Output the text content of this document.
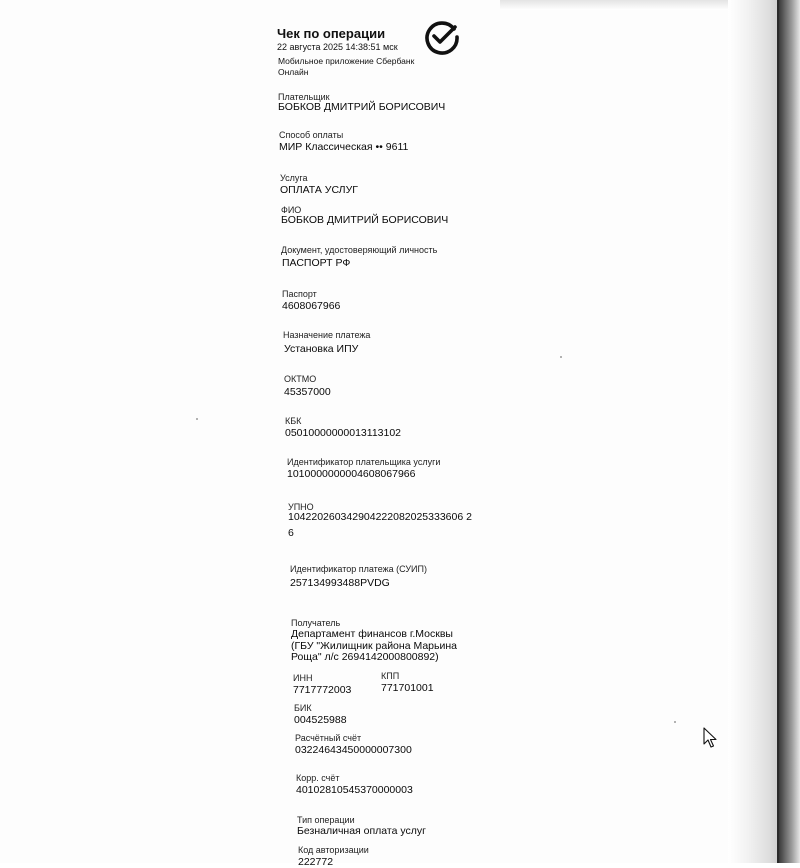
Чек по операции
22 августа 2025 14:38:51 мск
Мобильное приложение Сбербанк Онлайн
Плательщик
БОБКОВ ДМИТРИЙ БОРИСОВИЧ
Способ оплаты
МИР Классическая •• 9611
Услуга
ОПЛАТА УСЛУГ
ФИО
БОБКОВ ДМИТРИЙ БОРИСОВИЧ
Документ, удостоверяющий личность
ПАСПОРТ РФ
Паспорт
4608067966
Назначение платежа
Установка ИПУ
ОКТМО
45357000
КБК
05010000000013113102
Идентификатор плательщика услуги
1010000000004608067966
УПНО
104220260342904222082025333606 2
6
Идентификатор платежа (СУИП)
257134993488PVDG
Получатель
Департамент финансов г.Москвы
(ГБУ "Жилищник района Марьина
Роща" л/с 2694142000800892)
ИНН
7717772003
КПП
771701001
БИК
004525988
Расчётный счёт
03224643450000007300
Корр. счёт
40102810545370000003
Тип операции
Безналичная оплата услуг
Код авторизации
222772
